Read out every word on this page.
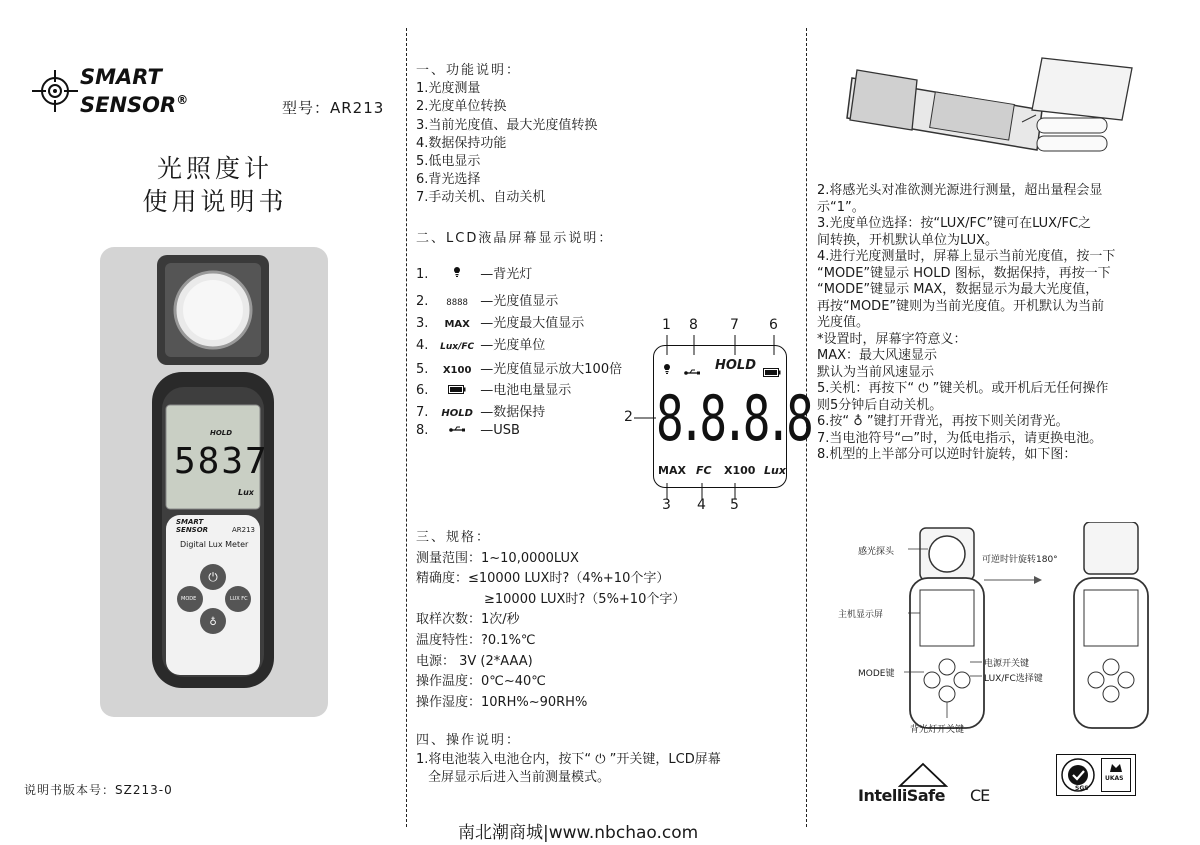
SMART
SENSOR®	型号：AR213
光照度计
使用说明书
⏻
♁
HOLD
5837
Lux
SMART
SENSOR	AR213
Digital Lux Meter
MODE	LUX FC
说明书版本号：SZ213-0

一、功能说明：

1.光度测量

2.光度单位转换

3.当前光度值、最大光度值转换

4.数据保持功能

5.低电显示

6.背光选择

7.手动关机、自动关机

二、LCD液晶屏幕显示说明：
1.	—背光灯
2. 8888 —光度值显示
3. MAX —光度最大值显示
4. Lux/FC —光度单位
5. X100 —光度值显示放大100倍
6.	—电池电量显示
7. HOLD —数据保持
8.	—USB
1 8 7 6
2
3 4 5
HOLD
8.8.8.8
MAX FC X100 Lux

三、规格：

测量范围：1~10,0000LUX

精确度：≤10000 LUX时?（4%+10个字）

≥10000 LUX时?（5%+10个字）

取样次数：1次/秒

温度特性：?0.1%℃

电源： 3V (2*AAA)

操作温度：0℃~40℃

操作湿度：10RH%~90RH%

四、操作说明：

1.将电池装入电池仓内，按下“ ⏻ ”开关键，LCD屏幕

全屏显示后进入当前测量模式。

2.将感光头对准欲测光源进行测量，超出量程会显

示“1”。

3.光度单位选择：按“LUX/FC”键可在LUX/FC之

间转换，开机默认单位为LUX。

4.进行光度测量时，屏幕上显示当前光度值，按一下

“MODE”键显示 HOLD 图标，数据保持，再按一下

“MODE”键显示 MAX，数据显示为最大光度值，

再按“MODE”键则为当前光度值。开机默认为当前

光度值。

*设置时，屏幕字符意义：

MAX：最大风速显示

默认为当前风速显示

5.关机：再按下“ ⏻ ”键关机。或开机后无任何操作

则5分钟后自动关机。

6.按“ ♁ ”键打开背光，再按下则关闭背光。

7.当电池符号“▭”时，为低电指示，请更换电池。

8.机型的上半部分可以逆时针旋转，如下图：

感光探头
可逆时针旋转180°
主机显示屏
MODE键
电源开关键
LUX/FC选择键
背光灯开关键
IntelliSafe CE	SGS
UKAS
南北潮商城|www.nbchao.com
